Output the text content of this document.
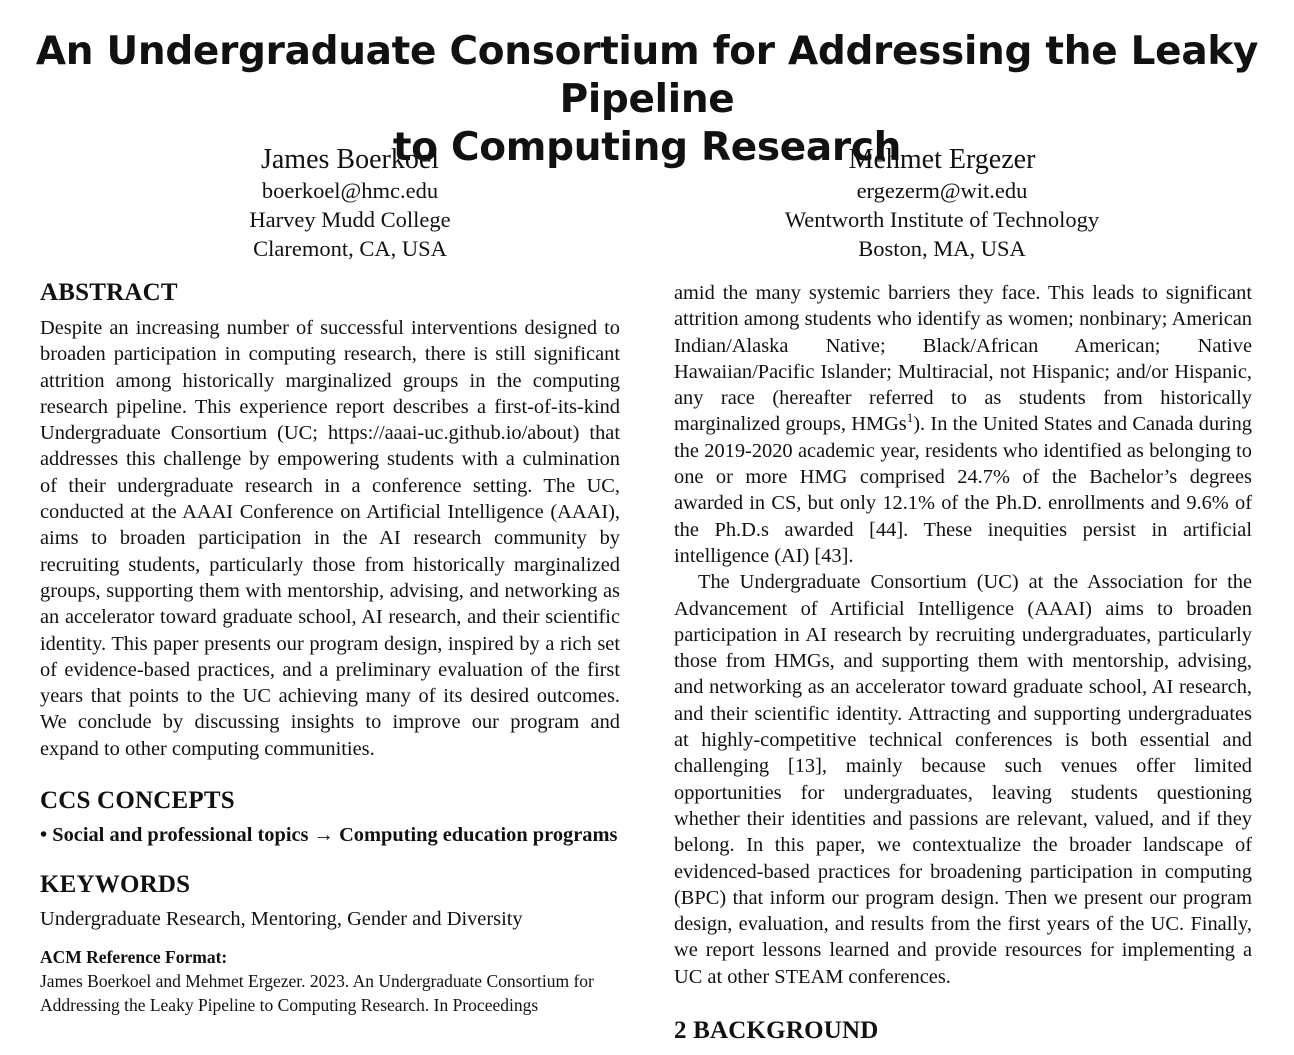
An Undergraduate Consortium for Addressing the Leaky Pipeline
to Computing Research
James Boerkoel
boerkoel@hmc.edu
Harvey Mudd College
Claremont, CA, USA
Mehmet Ergezer
ergezerm@wit.edu
Wentworth Institute of Technology
Boston, MA, USA
ABSTRACT

Despite an increasing number of successful interventions designed to broaden participation in computing research, there is still significant attrition among historically marginalized groups in the computing research pipeline. This experience report describes a first-of-its-kind Undergraduate Consortium (UC; https://aaai-uc.github.io/about) that addresses this challenge by empowering students with a culmination of their undergraduate research in a conference setting. The UC, conducted at the AAAI Conference on Artificial Intelligence (AAAI), aims to broaden participation in the AI research community by recruiting students, particularly those from historically marginalized groups, supporting them with mentorship, advising, and networking as an accelerator toward graduate school, AI research, and their scientific identity. This paper presents our program design, inspired by a rich set of evidence-based practices, and a preliminary evaluation of the first years that points to the UC achieving many of its desired outcomes. We conclude by discussing insights to improve our program and expand to other computing communities.

CCS CONCEPTS

• Social and professional topics → Computing education programs

KEYWORDS

Undergraduate Research, Mentoring, Gender and Diversity

ACM Reference Format:

James Boerkoel and Mehmet Ergezer. 2023. An Undergraduate Consortium for Addressing the Leaky Pipeline to Computing Research. In Proceedings

amid the many systemic barriers they face. This leads to significant attrition among students who identify as women; nonbinary; American Indian/Alaska Native; Black/African American; Native Hawaiian/Pacific Islander; Multiracial, not Hispanic; and/or Hispanic, any race (hereafter referred to as students from historically marginalized groups, HMGs$^1$). In the United States and Canada during the 2019-2020 academic year, residents who identified as belonging to one or more HMG comprised 24.7% of the Bachelor’s degrees awarded in CS, but only 12.1% of the Ph.D. enrollments and 9.6% of the Ph.D.s awarded [44]. These inequities persist in artificial intelligence (AI) [43].

The Undergraduate Consortium (UC) at the Association for the Advancement of Artificial Intelligence (AAAI) aims to broaden participation in AI research by recruiting undergraduates, particularly those from HMGs, and supporting them with mentorship, advising, and networking as an accelerator toward graduate school, AI research, and their scientific identity. Attracting and supporting undergraduates at highly-competitive technical conferences is both essential and challenging [13], mainly because such venues offer limited opportunities for undergraduates, leaving students questioning whether their identities and passions are relevant, valued, and if they belong. In this paper, we contextualize the broader landscape of evidenced-based practices for broadening participation in computing (BPC) that inform our program design. Then we present our program design, evaluation, and results from the first years of the UC. Finally, we report lessons learned and provide resources for implementing a UC at other STEAM conferences.

2 BACKGROUND
